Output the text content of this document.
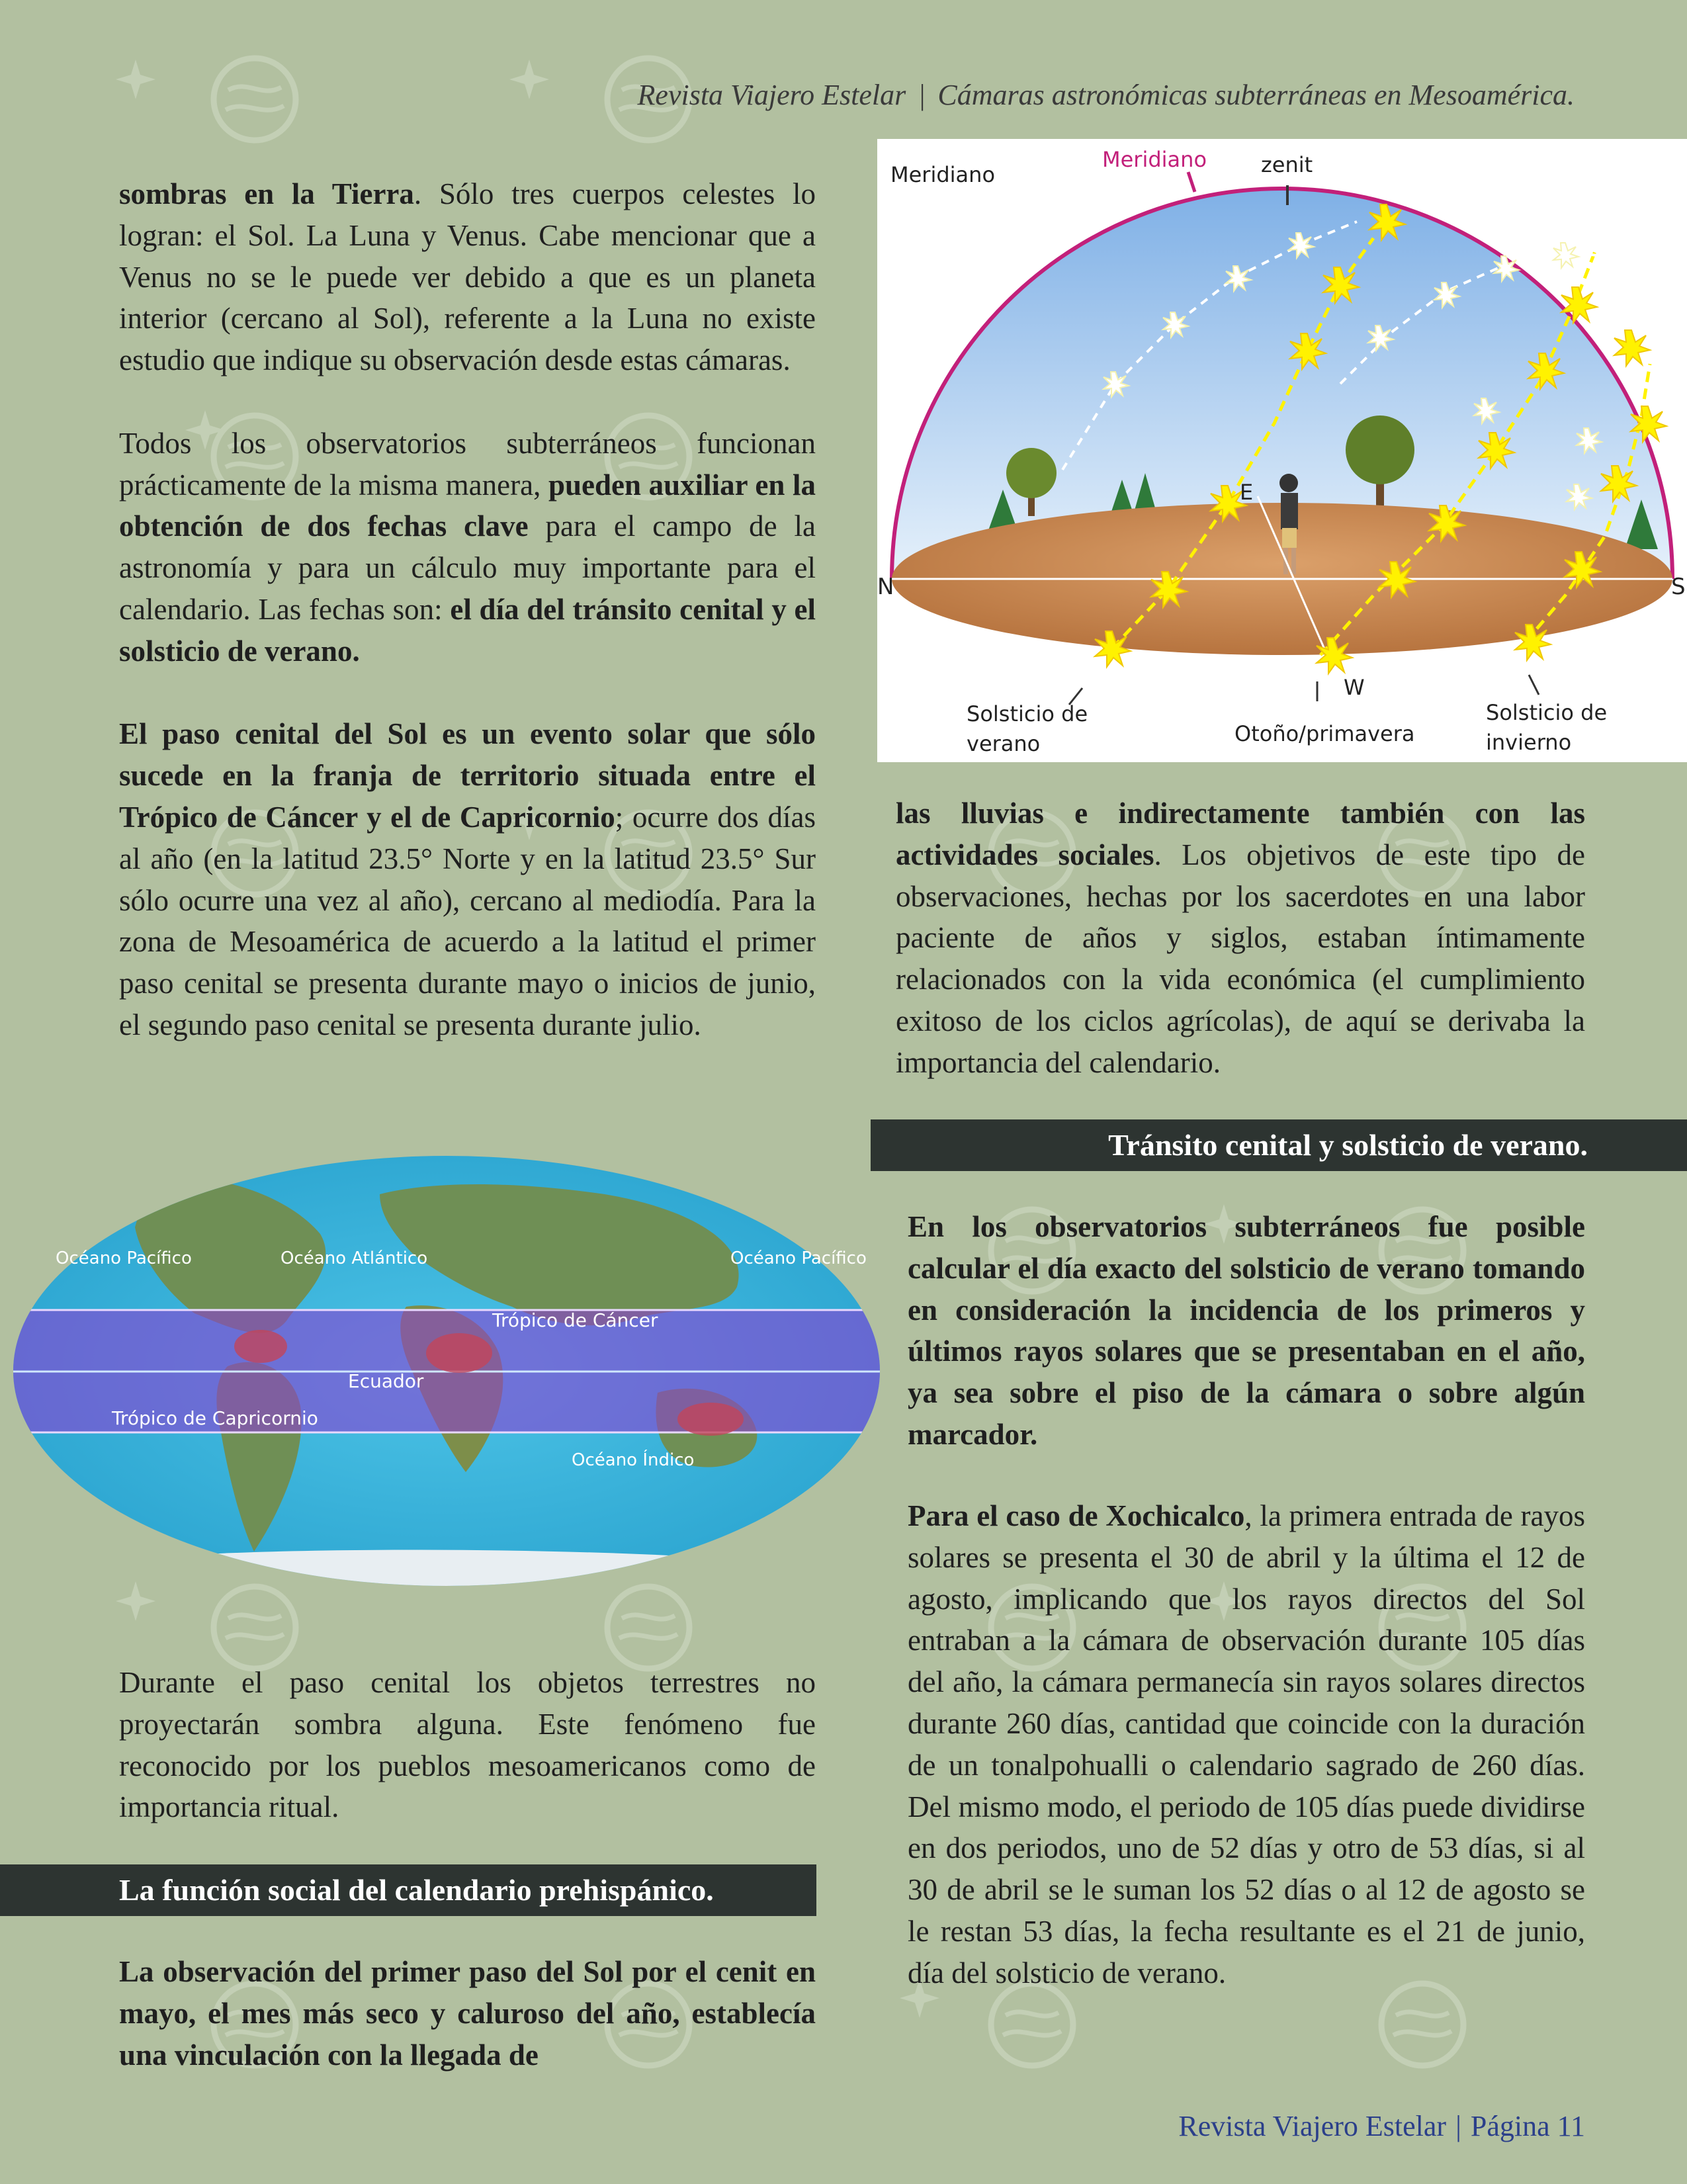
Revista Viajero Estelar | Cámaras astronómicas subterráneas en Mesoamérica.

sombras en la Tierra. Sólo tres cuerpos celestes lo logran: el Sol. La Luna y Venus. Cabe mencionar que a Venus no se le puede ver debido a que es un planeta interior (cercano al Sol), referente a la Luna no existe estudio que indique su observación desde estas cámaras.

Todos los observatorios subterráneos funcionan prácticamente de la misma manera, pueden auxiliar en la obtención de dos fechas clave para el campo de la astronomía y para un cálculo muy importante para el calendario. Las fechas son: el día del tránsito cenital y el solsticio de verano.

El paso cenital del Sol es un evento solar que sólo sucede en la franja de territorio situada entre el Trópico de Cáncer y el de Capricornio; ocurre dos días al año (en la latitud 23.5° Norte y en la latitud 23.5° Sur sólo ocurre una vez al año), cercano al mediodía. Para la zona de Mesoamérica de acuerdo a la latitud el primer paso cenital se presenta durante mayo o inicios de junio, el segundo paso cenital se presenta durante julio.

Meridiano
Meridiano	zenit
N	S
E
W
Solsticio de
verano	Otoño/primavera
Solsticio de
invierno

las lluvias e indirectamente también con las actividades sociales. Los objetivos de este tipo de observaciones, hechas por los sacerdotes en una labor paciente de años y siglos, estaban íntimamente relacionados con la vida económica (el cumplimiento exitoso de los ciclos agrícolas), de aquí se derivaba la importancia del calendario.

Tránsito cenital y solsticio de verano.

En los observatorios subterráneos fue posible calcular el día exacto del solsticio de verano tomando en consideración la incidencia de los primeros y últimos rayos solares que se presentaban en el año, ya sea sobre el piso de la cámara o sobre algún marcador.

Para el caso de Xochicalco, la primera entrada de rayos solares se presenta el 30 de abril y la última el 12 de agosto, implicando que los rayos directos del Sol entraban a la cámara de observación durante 105 días del año, la cámara permanecía sin rayos solares directos durante 260 días, cantidad que coincide con la duración de un tonalpohualli o calendario sagrado de 260 días. Del mismo modo, el periodo de 105 días puede dividirse en dos periodos, uno de 52 días y otro de 53 días, si al 30 de abril se le suman los 52 días o al 12 de agosto se le restan 53 días, la fecha resultante es el 21 de junio, día del solsticio de verano.

Océano Pacífico	Océano Atlántico	Océano Pacífico
Trópico de Cáncer
Ecuador
Trópico de Capricornio
Océano Índico

Durante el paso cenital los objetos terrestres no proyectarán sombra alguna. Este fenómeno fue reconocido por los pueblos mesoamericanos como de importancia ritual.

La función social del calendario prehispánico.

La observación del primer paso del Sol por el cenit en mayo, el mes más seco y caluroso del año, establecía una vinculación con la llegada de

Revista Viajero Estelar | Página 11
